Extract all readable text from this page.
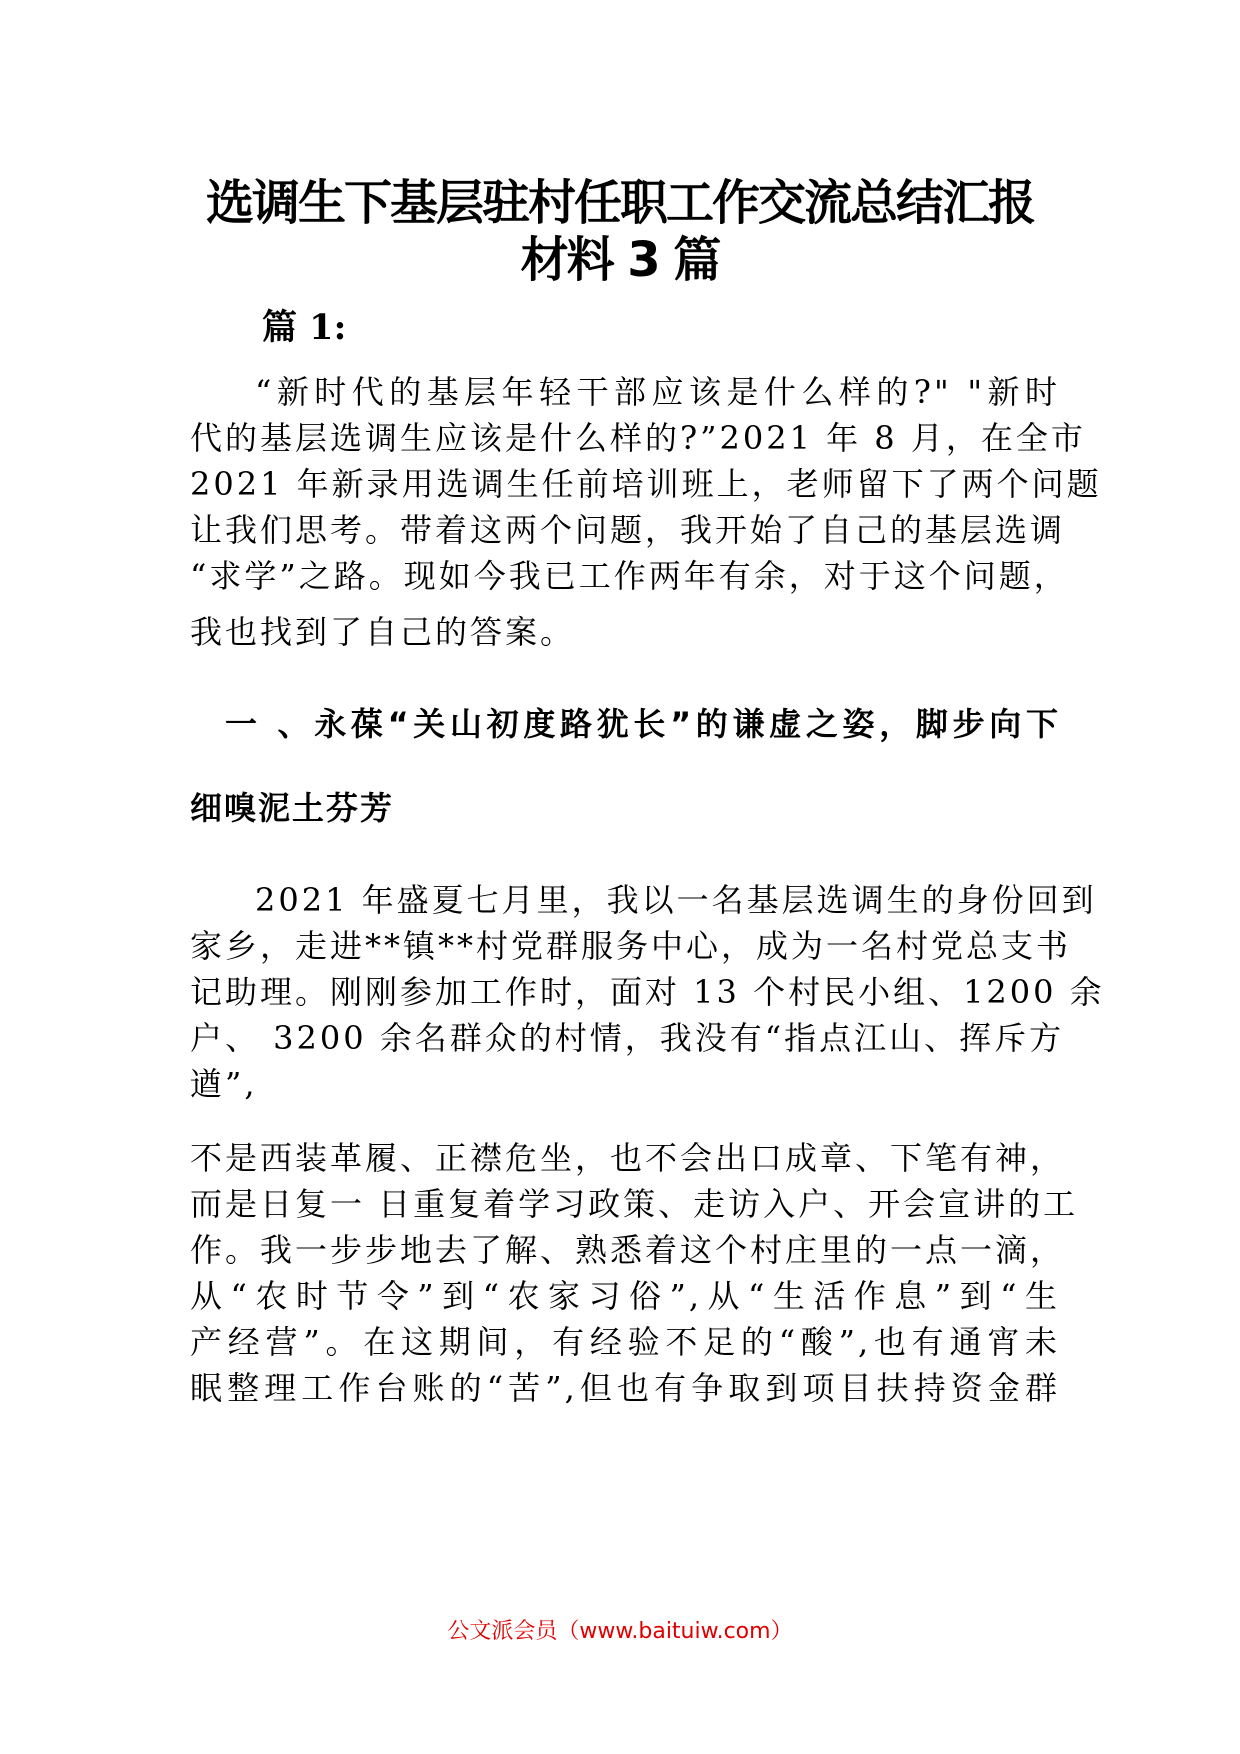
选调生下基层驻村任职工作交流总结汇报
材料 3 篇
篇 1:
“新时代的基层年轻干部应该是什么样的?" "新时
代的基层选调生应该是什么样的?”2021 年 8 月，在全市
2021 年新录用选调生任前培训班上，老师留下了两个问题
让我们思考。带着这两个问题，我开始了自己的基层选调
“求学”之路。现如今我已工作两年有余，对于这个问题，
我也找到了自己的答案。
一 、永葆“关山初度路犹长”的谦虚之姿，脚步向下
细嗅泥土芬芳
2021 年盛夏七月里，我以一名基层选调生的身份回到
家乡，走进**镇**村党群服务中心，成为一名村党总支书
记助理。刚刚参加工作时，面对 13 个村民小组、1200 余
户、 3200 余名群众的村情，我没有“指点江山、挥斥方
遒”,
不是西装革履、正襟危坐，也不会出口成章、下笔有神，
而是日复一 日重复着学习政策、走访入户、开会宣讲的工
作。我一步步地去了解、熟悉着这个村庄里的一点一滴，
从“农时节令”到“农家习俗”,从“生活作息”到“生
产经营”。在这期间，有经验不足的“酸”,也有通宵未
眠整理工作台账的“苦”,但也有争取到项目扶持资金群
公文派会员（www.baituiw.com）
